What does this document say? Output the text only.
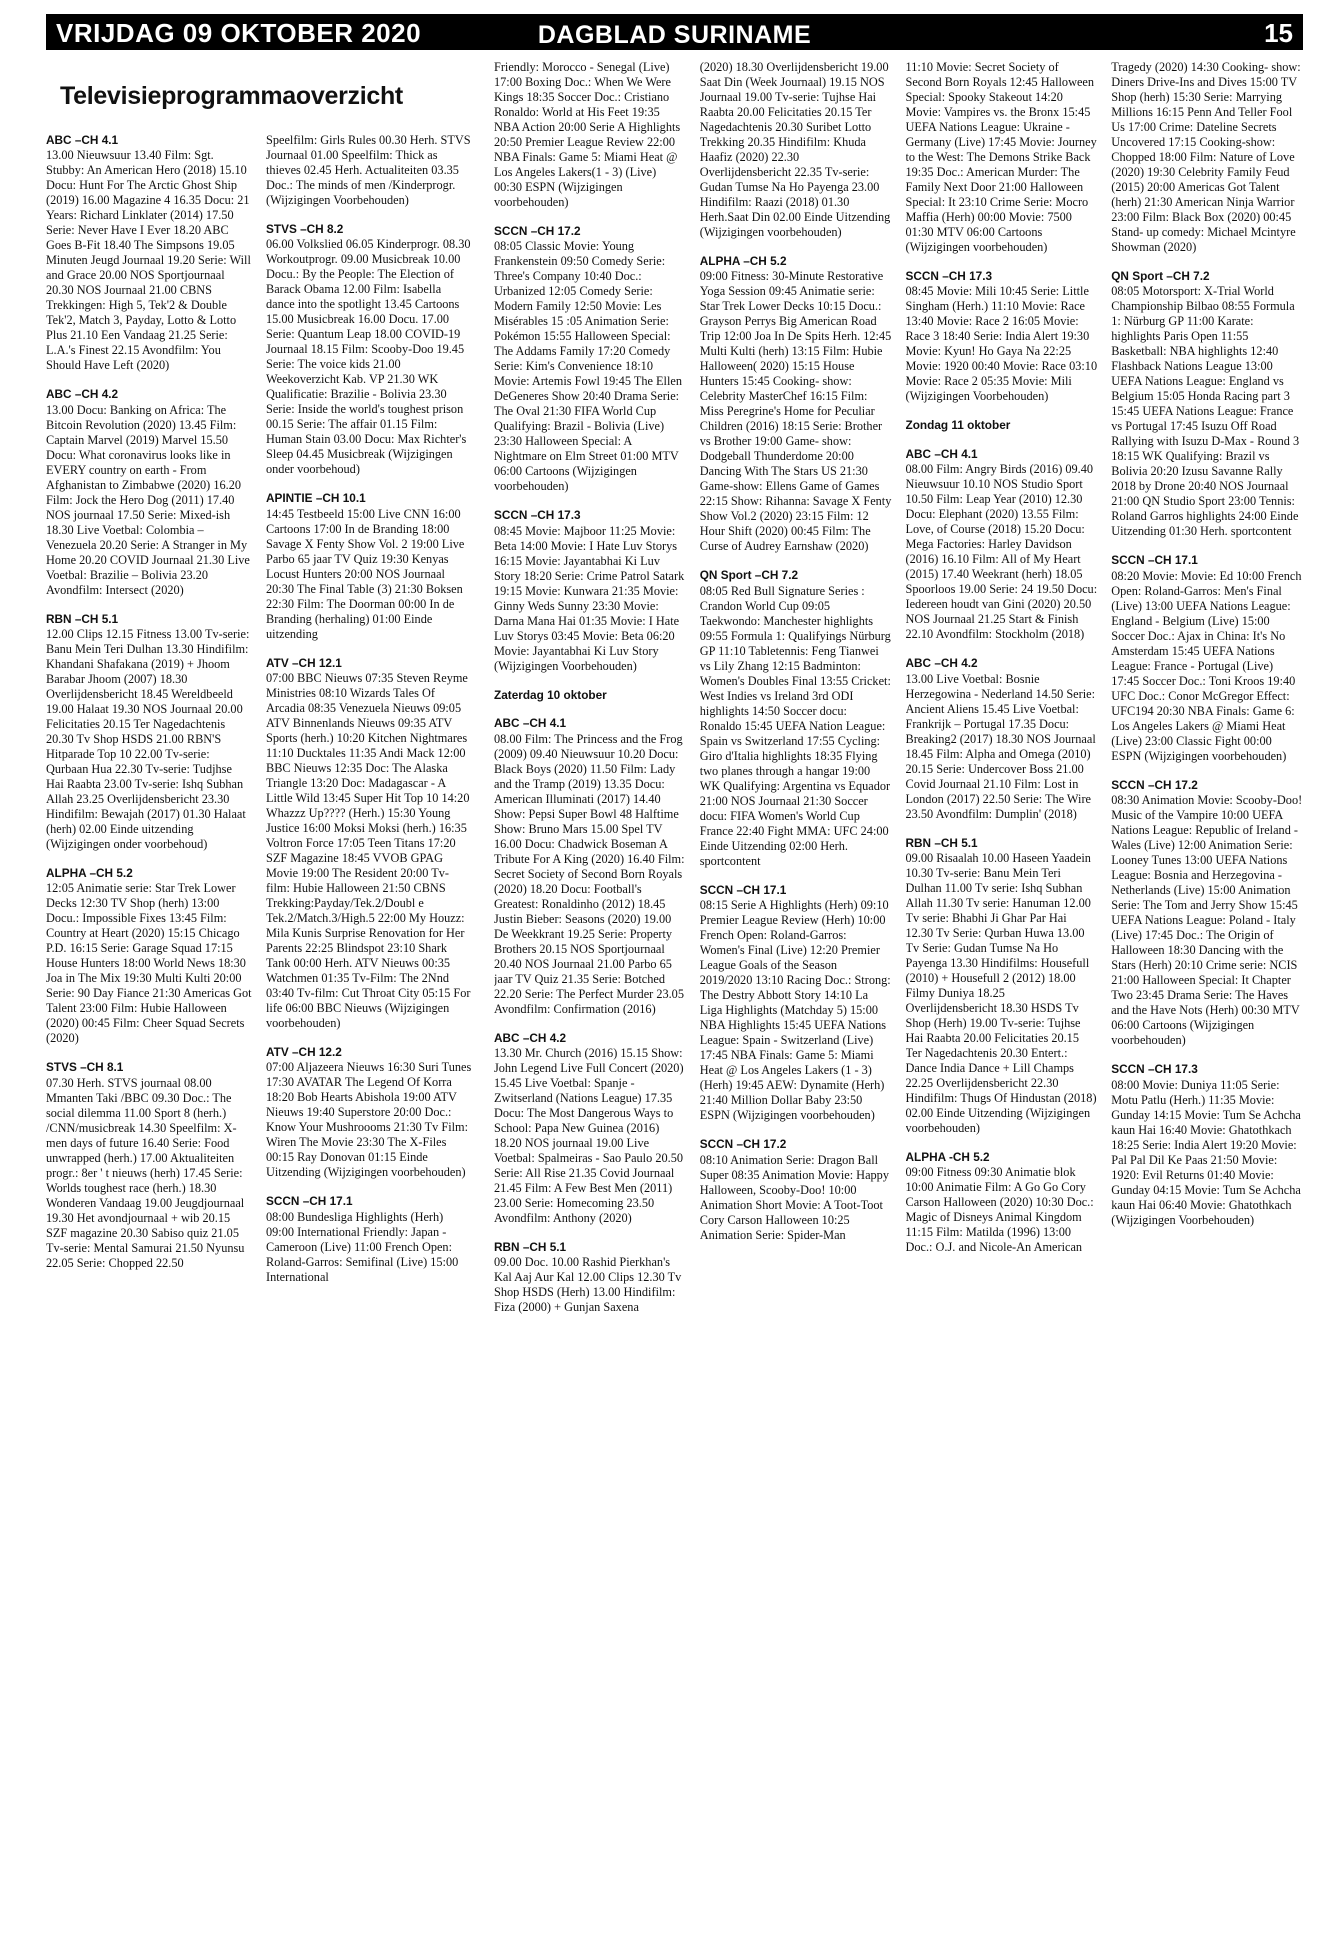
VRIJDAG 09 OKTOBER 2020	DAGBLAD SURINAME	15
Televisieprogrammaoverzicht
ABC –CH 4.1

13.00 Nieuwsuur 13.40 Film: Sgt. Stubby: An American Hero (2018) 15.10 Docu: Hunt For The Arctic Ghost Ship (2019) 16.00 Magazine 4 16.35 Docu: 21 Years: Richard Linklater (2014) 17.50 Serie: Never Have I Ever 18.20 ABC Goes B-Fit 18.40 The Simpsons 19.05 Minuten Jeugd Journaal 19.20 Serie: Will and Grace 20.00 NOS Sportjournaal 20.30 NOS Journaal 21.00 CBNS Trekkingen: High 5, Tek'2 & Double Tek'2, Match 3, Payday, Lotto & Lotto Plus 21.10 Een Vandaag 21.25 Serie: L.A.'s Finest 22.15 Avondfilm: You Should Have Left (2020)

ABC –CH 4.2

13.00 Docu: Banking on Africa: The Bitcoin Revolution (2020) 13.45 Film: Captain Marvel (2019) Marvel 15.50 Docu: What coronavirus looks like in EVERY country on earth - From Afghanistan to Zimbabwe (2020) 16.20 Film: Jock the Hero Dog (2011) 17.40 NOS journaal 17.50 Serie: Mixed-ish 18.30 Live Voetbal: Colombia – Venezuela 20.20 Serie: A Stranger in My Home 20.20 COVID Journaal 21.30 Live Voetbal: Brazilie – Bolivia 23.20 Avondfilm: Intersect (2020)

RBN –CH 5.1

12.00 Clips 12.15 Fitness 13.00 Tv-serie: Banu Mein Teri Dulhan 13.30 Hindifilm: Khandani Shafakana (2019) + Jhoom Barabar Jhoom (2007) 18.30 Overlijdensbericht 18.45 Wereldbeeld 19.00 Halaat 19.30 NOS Journaal 20.00 Felicitaties 20.15 Ter Nagedachtenis 20.30 Tv Shop HSDS 21.00 RBN'S Hitparade Top 10 22.00 Tv-serie: Qurbaan Hua 22.30 Tv-serie: Tudjhse Hai Raabta 23.00 Tv-serie: Ishq Subhan Allah 23.25 Overlijdensbericht 23.30 Hindifilm: Bewajah (2017) 01.30 Halaat (herh) 02.00 Einde uitzending (Wijzigingen onder voorbehoud)

ALPHA –CH 5.2

12:05 Animatie serie: Star Trek Lower Decks 12:30 TV Shop (herh) 13:00 Docu.: Impossible Fixes 13:45 Film: Country at Heart (2020) 15:15 Chicago P.D. 16:15 Serie: Garage Squad 17:15 House Hunters 18:00 World News 18:30 Joa in The Mix 19:30 Multi Kulti 20:00 Serie: 90 Day Fiance 21:30 Americas Got Talent 23:00 Film: Hubie Halloween (2020) 00:45 Film: Cheer Squad Secrets (2020)

STVS –CH 8.1

07.30 Herh. STVS journaal 08.00 Mmanten Taki /BBC 09.30 Doc.: The social dilemma 11.00 Sport 8 (herh.) /CNN/musicbreak 14.30 Speelfilm: X-men days of future 16.40 Serie: Food unwrapped (herh.) 17.00 Aktualiteiten progr.: 8er ' t nieuws (herh) 17.45 Serie: Worlds toughest race (herh.) 18.30 Wonderen Vandaag 19.00 Jeugdjournaal 19.30 Het avondjournaal + wib 20.15 SZF magazine 20.30 Sabiso quiz 21.05 Tv-serie: Mental Samurai 21.50 Nyunsu 22.05 Serie: Chopped 22.50

Speelfilm: Girls Rules 00.30 Herh. STVS Journaal 01.00 Speelfilm: Thick as thieves 02.45 Herh. Actualiteiten 03.35 Doc.: The minds of men /Kinderprogr. (Wijzigingen Voorbehouden)

STVS –CH 8.2

06.00 Volkslied 06.05 Kinderprogr. 08.30 Workoutprogr. 09.00 Musicbreak 10.00 Docu.: By the People: The Election of Barack Obama 12.00 Film: Isabella dance into the spotlight 13.45 Cartoons 15.00 Musicbreak 16.00 Docu. 17.00 Serie: Quantum Leap 18.00 COVID-19 Journaal 18.15 Film: Scooby-Doo 19.45 Serie: The voice kids 21.00 Weekoverzicht Kab. VP 21.30 WK Qualificatie: Brazilie - Bolivia 23.30 Serie: Inside the world's toughest prison 00.15 Serie: The affair 01.15 Film: Human Stain 03.00 Docu: Max Richter's Sleep 04.45 Musicbreak (Wijzigingen onder voorbehoud)

APINTIE –CH 10.1

14:45 Testbeeld 15:00 Live CNN 16:00 Cartoons 17:00 In de Branding 18:00 Savage X Fenty Show Vol. 2 19:00 Live Parbo 65 jaar TV Quiz 19:30 Kenyas Locust Hunters 20:00 NOS Journaal 20:30 The Final Table (3) 21:30 Boksen 22:30 Film: The Doorman 00:00 In de Branding (herhaling) 01:00 Einde uitzending

ATV –CH 12.1

07:00 BBC Nieuws 07:35 Steven Reyme Ministries 08:10 Wizards Tales Of Arcadia 08:35 Venezuela Nieuws 09:05 ATV Binnenlands Nieuws 09:35 ATV Sports (herh.) 10:20 Kitchen Nightmares 11:10 Ducktales 11:35 Andi Mack 12:00 BBC Nieuws 12:35 Doc: The Alaska Triangle 13:20 Doc: Madagascar - A Little Wild 13:45 Super Hit Top 10 14:20 Whazzz Up???? (Herh.) 15:30 Young Justice 16:00 Moksi Moksi (herh.) 16:35 Voltron Force 17:05 Teen Titans 17:20 SZF Magazine 18:45 VVOB GPAG Movie 19:00 The Resident 20:00 Tv-film: Hubie Halloween 21:50 CBNS Trekking:Payday/Tek.2/Doubl e Tek.2/Match.3/High.5 22:00 My Houzz: Mila Kunis Surprise Renovation for Her Parents 22:25 Blindspot 23:10 Shark Tank 00:00 Herh. ATV Nieuws 00:35 Watchmen 01:35 Tv-Film: The 2Nnd 03:40 Tv-film: Cut Throat City 05:15 For life 06:00 BBC Nieuws (Wijzigingen voorbehouden)

ATV –CH 12.2

07:00 Aljazeera Nieuws 16:30 Suri Tunes 17:30 AVATAR The Legend Of Korra 18:20 Bob Hearts Abishola 19:00 ATV Nieuws 19:40 Superstore 20:00 Doc.: Know Your Mushroooms 21:30 Tv Film: Wiren The Movie 23:30 The X-Files 00:15 Ray Donovan 01:15 Einde Uitzending (Wijzigingen voorbehouden)

SCCN –CH 17.1

08:00 Bundesliga Highlights (Herh) 09:00 International Friendly: Japan - Cameroon (Live) 11:00 French Open: Roland-Garros: Semifinal (Live) 15:00 International

Friendly: Morocco - Senegal (Live) 17:00 Boxing Doc.: When We Were Kings 18:35 Soccer Doc.: Cristiano Ronaldo: World at His Feet 19:35 NBA Action 20:00 Serie A Highlights 20:50 Premier League Review 22:00 NBA Finals: Game 5: Miami Heat @ Los Angeles Lakers(1 - 3) (Live) 00:30 ESPN (Wijzigingen voorbehouden)

SCCN –CH 17.2

08:05 Classic Movie: Young Frankenstein 09:50 Comedy Serie: Three's Company 10:40 Doc.: Urbanized 12:05 Comedy Serie: Modern Family 12:50 Movie: Les Misérables 15 :05 Animation Serie: Pokémon 15:55 Halloween Special: The Addams Family 17:20 Comedy Serie: Kim's Convenience 18:10 Movie: Artemis Fowl 19:45 The Ellen DeGeneres Show 20:40 Drama Serie: The Oval 21:30 FIFA World Cup Qualifying: Brazil - Bolivia (Live) 23:30 Halloween Special: A Nightmare on Elm Street 01:00 MTV 06:00 Cartoons (Wijzigingen voorbehouden)

SCCN –CH 17.3

08:45 Movie: Majboor 11:25 Movie: Beta 14:00 Movie: I Hate Luv Storys 16:15 Movie: Jayantabhai Ki Luv Story 18:20 Serie: Crime Patrol Satark 19:15 Movie: Kunwara 21:35 Movie: Ginny Weds Sunny 23:30 Movie: Darna Mana Hai 01:35 Movie: I Hate Luv Storys 03:45 Movie: Beta 06:20 Movie: Jayantabhai Ki Luv Story (Wijzigingen Voorbehouden)

Zaterdag 10 oktober
ABC –CH 4.1

08.00 Film: The Princess and the Frog (2009) 09.40 Nieuwsuur 10.20 Docu: Black Boys (2020) 11.50 Film: Lady and the Tramp (2019) 13.35 Docu: American Illuminati (2017) 14.40 Show: Pepsi Super Bowl 48 Halftime Show: Bruno Mars 15.00 Spel TV 16.00 Docu: Chadwick Boseman A Tribute For A King (2020) 16.40 Film: Secret Society of Second Born Royals (2020) 18.20 Docu: Football's Greatest: Ronaldinho (2012) 18.45 Justin Bieber: Seasons (2020) 19.00 De Weekkrant 19.25 Serie: Property Brothers 20.15 NOS Sportjournaal 20.40 NOS Journaal 21.00 Parbo 65 jaar TV Quiz 21.35 Serie: Botched 22.20 Serie: The Perfect Murder 23.05 Avondfilm: Confirmation (2016)

ABC –CH 4.2

13.30 Mr. Church (2016) 15.15 Show: John Legend Live Full Concert (2020) 15.45 Live Voetbal: Spanje - Zwitserland (Nations League) 17.35 Docu: The Most Dangerous Ways to School: Papa New Guinea (2016) 18.20 NOS journaal 19.00 Live Voetbal: Spalmeiras - Sao Paulo 20.50 Serie: All Rise 21.35 Covid Journaal 21.45 Film: A Few Best Men (2011) 23.00 Serie: Homecoming 23.50 Avondfilm: Anthony (2020)

RBN –CH 5.1

09.00 Doc. 10.00 Rashid Pierkhan's Kal Aaj Aur Kal 12.00 Clips 12.30 Tv Shop HSDS (Herh) 13.00 Hindifilm: Fiza (2000) + Gunjan Saxena

(2020) 18.30 Overlijdensbericht 19.00 Saat Din (Week Journaal) 19.15 NOS Journaal 19.00 Tv-serie: Tujhse Hai Raabta 20.00 Felicitaties 20.15 Ter Nagedachtenis 20.30 Suribet Lotto Trekking 20.35 Hindifilm: Khuda Haafiz (2020) 22.30 Overlijdensbericht 22.35 Tv-serie: Gudan Tumse Na Ho Payenga 23.00 Hindifilm: Raazi (2018) 01.30 Herh.Saat Din 02.00 Einde Uitzending (Wijzigingen voorbehouden)

ALPHA –CH 5.2

09:00 Fitness: 30-Minute Restorative Yoga Session 09:45 Animatie serie: Star Trek Lower Decks 10:15 Docu.: Grayson Perrys Big American Road Trip 12:00 Joa In De Spits Herh. 12:45 Multi Kulti (herh) 13:15 Film: Hubie Halloween( 2020) 15:15 House Hunters 15:45 Cooking- show: Celebrity MasterChef 16:15 Film: Miss Peregrine's Home for Peculiar Children (2016) 18:15 Serie: Brother vs Brother 19:00 Game- show: Dodgeball Thunderdome 20:00 Dancing With The Stars US 21:30 Game-show: Ellens Game of Games 22:15 Show: Rihanna: Savage X Fenty Show Vol.2 (2020) 23:15 Film: 12 Hour Shift (2020) 00:45 Film: The Curse of Audrey Earnshaw (2020)

QN Sport –CH 7.2

08:05 Red Bull Signature Series : Crandon World Cup 09:05 Taekwondo: Manchester highlights 09:55 Formula 1: Qualifyings Nürburg GP 11:10 Tabletennis: Feng Tianwei vs Lily Zhang 12:15 Badminton: Women's Doubles Final 13:55 Cricket: West Indies vs Ireland 3rd ODI highlights 14:50 Soccer docu: Ronaldo 15:45 UEFA Nation League: Spain vs Switzerland 17:55 Cycling: Giro d'Italia highlights 18:35 Flying two planes through a hangar 19:00 WK Qualifying: Argentina vs Equador 21:00 NOS Journaal 21:30 Soccer docu: FIFA Women's World Cup France 22:40 Fight MMA: UFC 24:00 Einde Uitzending 02:00 Herh. sportcontent

SCCN –CH 17.1

08:15 Serie A Highlights (Herh) 09:10 Premier League Review (Herh) 10:00 French Open: Roland-Garros: Women's Final (Live) 12:20 Premier League Goals of the Season 2019/2020 13:10 Racing Doc.: Strong: The Destry Abbott Story 14:10 La Liga Highlights (Matchday 5) 15:00 NBA Highlights 15:45 UEFA Nations League: Spain - Switzerland (Live) 17:45 NBA Finals: Game 5: Miami Heat @ Los Angeles Lakers (1 - 3)(Herh) 19:45 AEW: Dynamite (Herh) 21:40 Million Dollar Baby 23:50 ESPN (Wijzigingen voorbehouden)

SCCN –CH 17.2

08:10 Animation Serie: Dragon Ball Super 08:35 Animation Movie: Happy Halloween, Scooby-Doo! 10:00 Animation Short Movie: A Toot-Toot Cory Carson Halloween 10:25 Animation Serie: Spider-Man

11:10 Movie: Secret Society of Second Born Royals 12:45 Halloween Special: Spooky Stakeout 14:20 Movie: Vampires vs. the Bronx 15:45 UEFA Nations League: Ukraine - Germany (Live) 17:45 Movie: Journey to the West: The Demons Strike Back 19:35 Doc.: American Murder: The Family Next Door 21:00 Halloween Special: It 23:10 Crime Serie: Mocro Maffia (Herh) 00:00 Movie: 7500 01:30 MTV 06:00 Cartoons (Wijzigingen voorbehouden)

SCCN –CH 17.3

08:45 Movie: Mili 10:45 Serie: Little Singham (Herh.) 11:10 Movie: Race 13:40 Movie: Race 2 16:05 Movie: Race 3 18:40 Serie: India Alert 19:30 Movie: Kyun! Ho Gaya Na 22:25 Movie: 1920 00:40 Movie: Race 03:10 Movie: Race 2 05:35 Movie: Mili (Wijzigingen Voorbehouden)

Zondag 11 oktober
ABC –CH 4.1

08.00 Film: Angry Birds (2016) 09.40 Nieuwsuur 10.10 NOS Studio Sport 10.50 Film: Leap Year (2010) 12.30 Docu: Elephant (2020) 13.55 Film: Love, of Course (2018) 15.20 Docu: Mega Factories: Harley Davidson (2016) 16.10 Film: All of My Heart (2015) 17.40 Weekrant (herh) 18.05 Spoorloos 19.00 Serie: 24 19.50 Docu: Iedereen houdt van Gini (2020) 20.50 NOS Journaal 21.25 Start & Finish 22.10 Avondfilm: Stockholm (2018)

ABC –CH 4.2

13.00 Live Voetbal: Bosnie Herzegowina - Nederland 14.50 Serie: Ancient Aliens 15.45 Live Voetbal: Frankrijk – Portugal 17.35 Docu: Breaking2 (2017) 18.30 NOS Journaal 18.45 Film: Alpha and Omega (2010) 20.15 Serie: Undercover Boss 21.00 Covid Journaal 21.10 Film: Lost in London (2017) 22.50 Serie: The Wire 23.50 Avondfilm: Dumplin' (2018)

RBN –CH 5.1

09.00 Risaalah 10.00 Haseen Yaadein 10.30 Tv-serie: Banu Mein Teri Dulhan 11.00 Tv serie: Ishq Subhan Allah 11.30 Tv serie: Hanuman 12.00 Tv serie: Bhabhi Ji Ghar Par Hai 12.30 Tv Serie: Qurban Huwa 13.00 Tv Serie: Gudan Tumse Na Ho Payenga 13.30 Hindifilms: Housefull (2010) + Housefull 2 (2012) 18.00 Filmy Duniya 18.25 Overlijdensbericht 18.30 HSDS Tv Shop (Herh) 19.00 Tv-serie: Tujhse Hai Raabta 20.00 Felicitaties 20.15 Ter Nagedachtenis 20.30 Entert.: Dance India Dance + Lill Champs 22.25 Overlijdensbericht 22.30 Hindifilm: Thugs Of Hindustan (2018) 02.00 Einde Uitzending (Wijzigingen voorbehouden)

ALPHA -CH 5.2

09:00 Fitness 09:30 Animatie blok 10:00 Animatie Film: A Go Go Cory Carson Halloween (2020) 10:30 Doc.: Magic of Disneys Animal Kingdom 11:15 Film: Matilda (1996) 13:00 Doc.: O.J. and Nicole-An American

Tragedy (2020) 14:30 Cooking- show: Diners Drive-Ins and Dives 15:00 TV Shop (herh) 15:30 Serie: Marrying Millions 16:15 Penn And Teller Fool Us 17:00 Crime: Dateline Secrets Uncovered 17:15 Cooking-show: Chopped 18:00 Film: Nature of Love (2020) 19:30 Celebrity Family Feud (2015) 20:00 Americas Got Talent (herh) 21:30 American Ninja Warrior 23:00 Film: Black Box (2020) 00:45 Stand- up comedy: Michael Mcintyre Showman (2020)

QN Sport –CH 7.2

08:05 Motorsport: X-Trial World Championship Bilbao 08:55 Formula 1: Nürburg GP 11:00 Karate: highlights Paris Open 11:55 Basketball: NBA highlights 12:40 Flashback Nations League 13:00 UEFA Nations League: England vs Belgium 15:05 Honda Racing part 3 15:45 UEFA Nations League: France vs Portugal 17:45 Isuzu Off Road Rallying with Isuzu D-Max - Round 3 18:15 WK Qualifying: Brazil vs Bolivia 20:20 Izusu Savanne Rally 2018 by Drone 20:40 NOS Journaal 21:00 QN Studio Sport 23:00 Tennis: Roland Garros highlights 24:00 Einde Uitzending 01:30 Herh. sportcontent

SCCN –CH 17.1

08:20 Movie: Movie: Ed 10:00 French Open: Roland-Garros: Men's Final (Live) 13:00 UEFA Nations League: England - Belgium (Live) 15:00 Soccer Doc.: Ajax in China: It's No Amsterdam 15:45 UEFA Nations League: France - Portugal (Live) 17:45 Soccer Doc.: Toni Kroos 19:40 UFC Doc.: Conor McGregor Effect: UFC194 20:30 NBA Finals: Game 6: Los Angeles Lakers @ Miami Heat (Live) 23:00 Classic Fight 00:00 ESPN (Wijzigingen voorbehouden)

SCCN –CH 17.2

08:30 Animation Movie: Scooby-Doo! Music of the Vampire 10:00 UEFA Nations League: Republic of Ireland - Wales (Live) 12:00 Animation Serie: Looney Tunes 13:00 UEFA Nations League: Bosnia and Herzegovina - Netherlands (Live) 15:00 Animation Serie: The Tom and Jerry Show 15:45 UEFA Nations League: Poland - Italy (Live) 17:45 Doc.: The Origin of Halloween 18:30 Dancing with the Stars (Herh) 20:10 Crime serie: NCIS 21:00 Halloween Special: It Chapter Two 23:45 Drama Serie: The Haves and the Have Nots (Herh) 00:30 MTV 06:00 Cartoons (Wijzigingen voorbehouden)

SCCN –CH 17.3

08:00 Movie: Duniya 11:05 Serie: Motu Patlu (Herh.) 11:35 Movie: Gunday 14:15 Movie: Tum Se Achcha kaun Hai 16:40 Movie: Ghatothkach 18:25 Serie: India Alert 19:20 Movie: Pal Pal Dil Ke Paas 21:50 Movie: 1920: Evil Returns 01:40 Movie: Gunday 04:15 Movie: Tum Se Achcha kaun Hai 06:40 Movie: Ghatothkach (Wijzigingen Voorbehouden)
